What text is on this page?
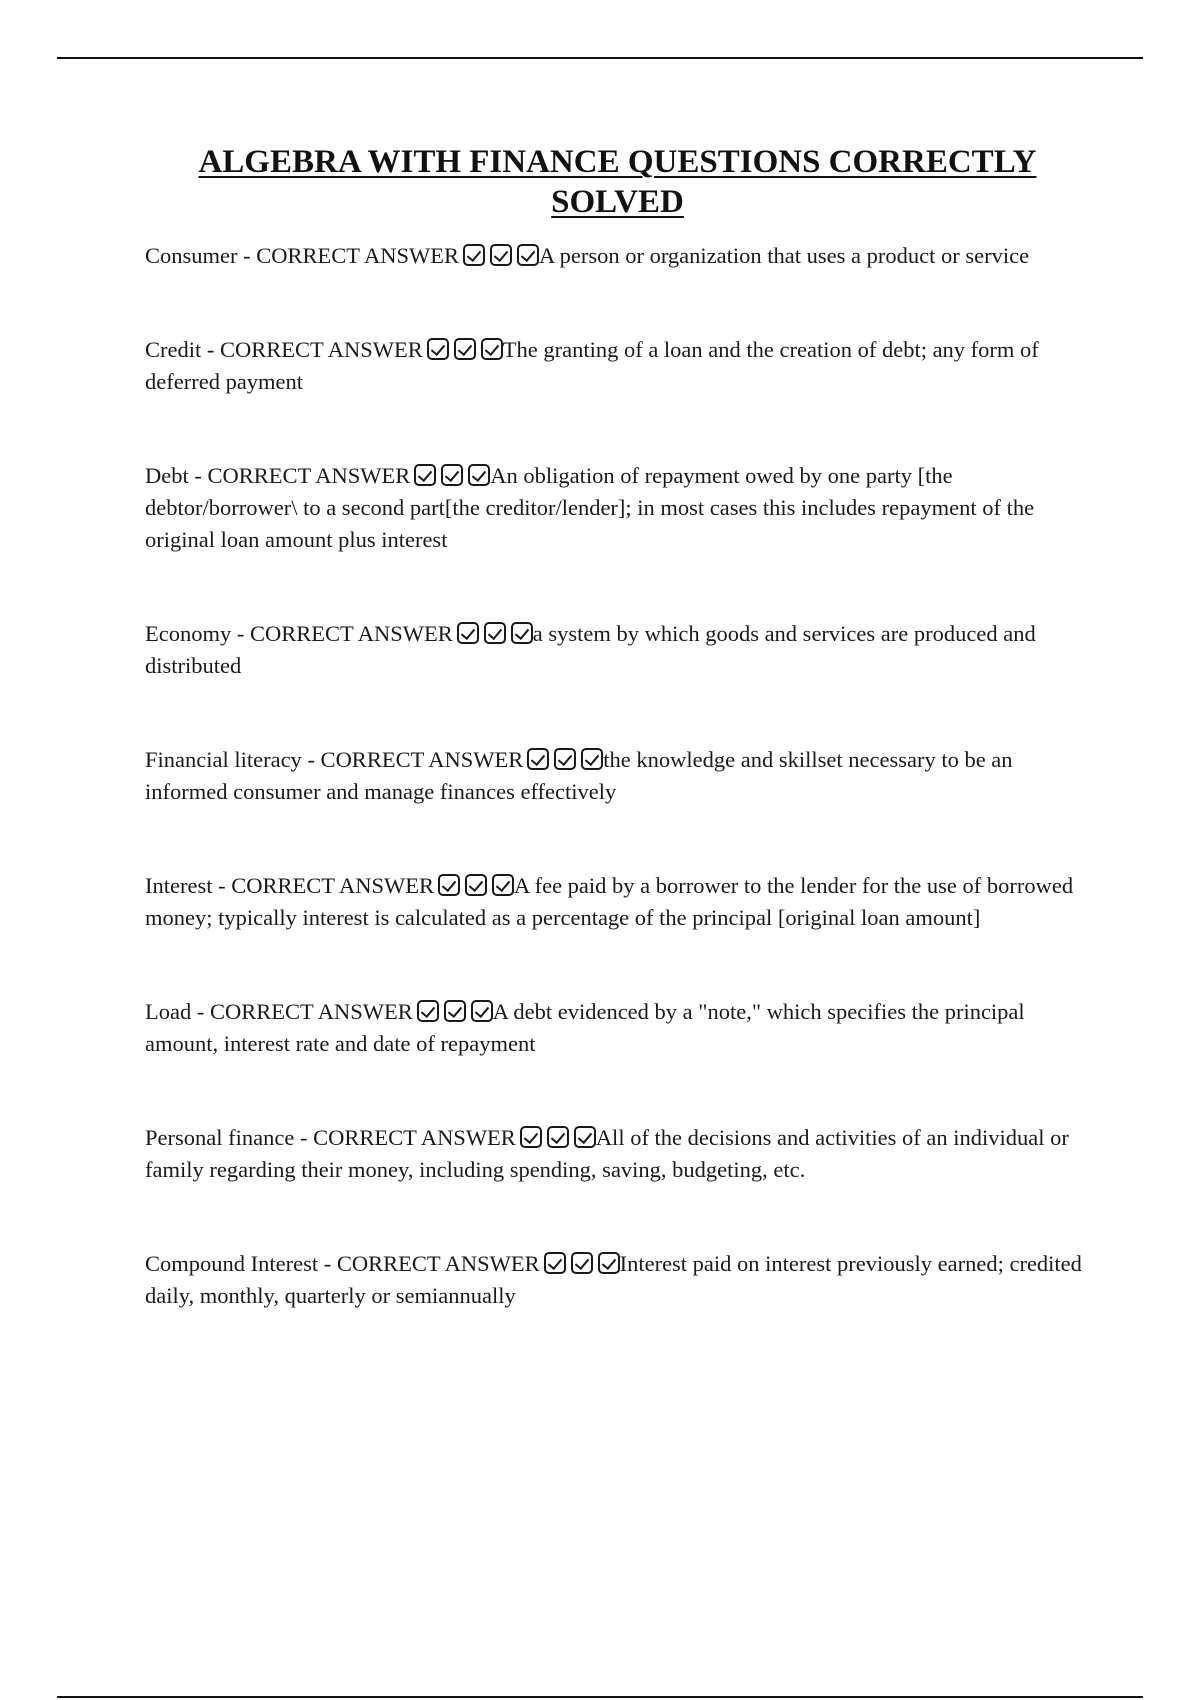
ALGEBRA WITH FINANCE QUESTIONS CORRECTLY
SOLVED

Consumer - CORRECT ANSWER	A person or organization that uses a product or service

Credit - CORRECT ANSWER	The granting of a loan and the creation of debt; any form of deferred payment

Debt - CORRECT ANSWER	An obligation of repayment owed by one party [the debtor/borrower\ to a second part[the creditor/lender]; in most cases this includes repayment of the original loan amount plus interest

Economy - CORRECT ANSWER	a system by which goods and services are produced and distributed

Financial literacy - CORRECT ANSWER	the knowledge and skillset necessary to be an informed consumer and manage finances effectively

Interest - CORRECT ANSWER	A fee paid by a borrower to the lender for the use of borrowed money; typically interest is calculated as a percentage of the principal [original loan amount]

Load - CORRECT ANSWER	A debt evidenced by a "note," which specifies the principal amount, interest rate and date of repayment

Personal finance - CORRECT ANSWER	All of the decisions and activities of an individual or family regarding their money, including spending, saving, budgeting, etc.

Compound Interest - CORRECT ANSWER	Interest paid on interest previously earned; credited daily, monthly, quarterly or semiannually
